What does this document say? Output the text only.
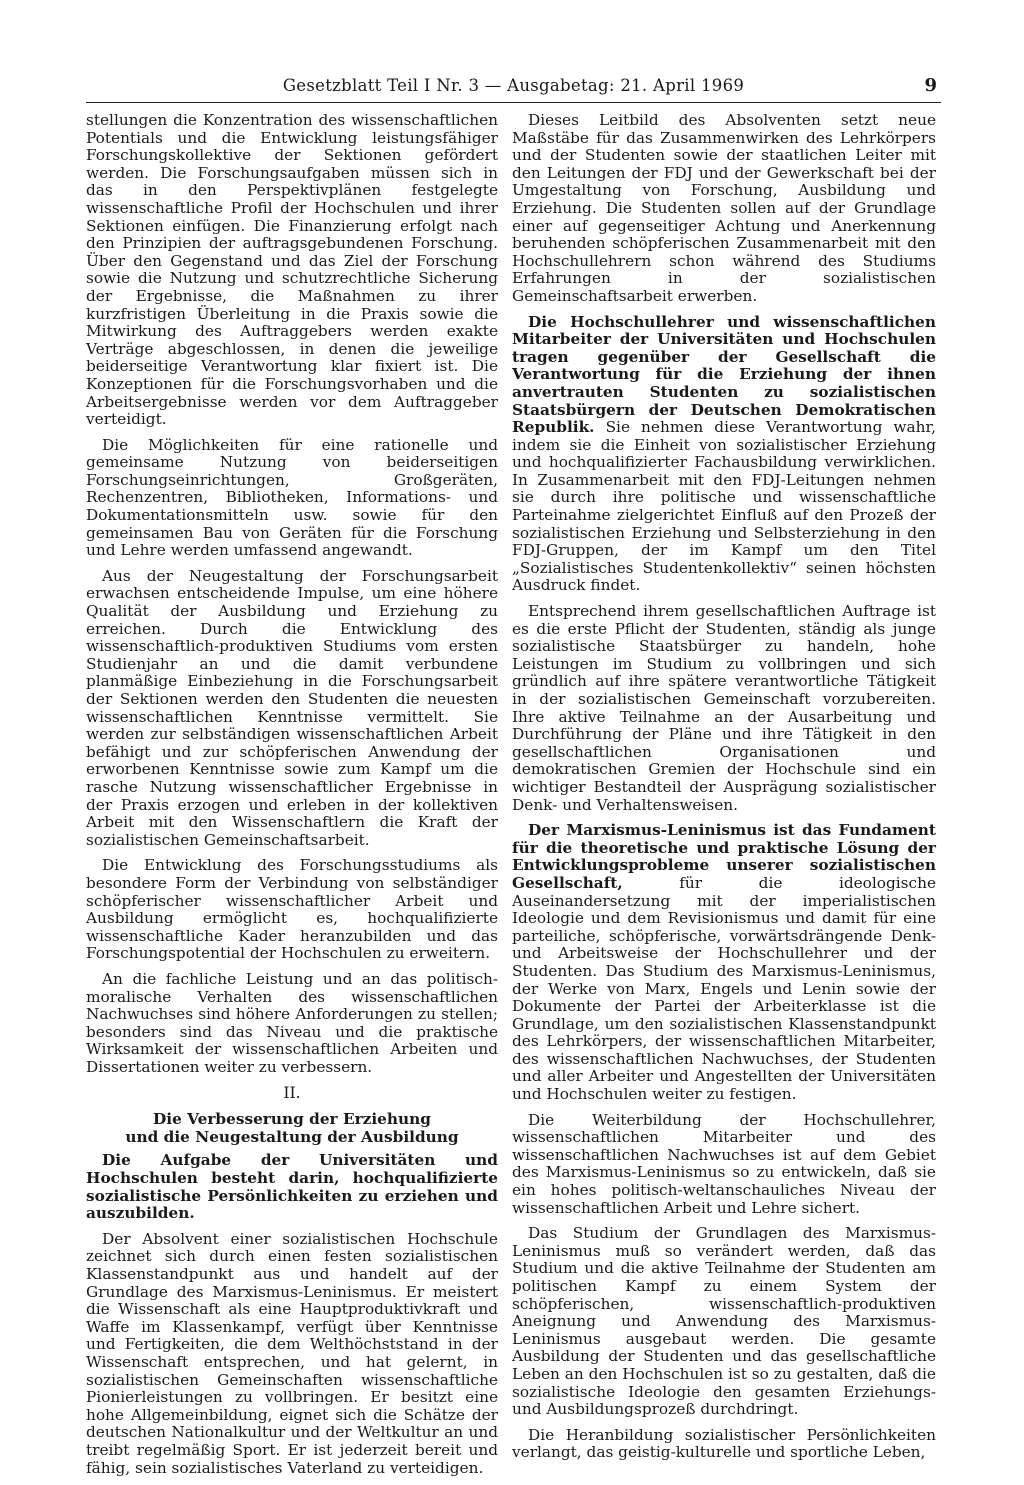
Gesetzblatt Teil I Nr. 3 — Ausgabetag: 21. April 1969	9

stellungen die Konzentration des wissenschaftlichen Potentials und die Entwicklung leistungsfähiger Forschungskollektive der Sektionen gefördert werden. Die Forschungsaufgaben müssen sich in das in den Perspektivplänen festgelegte wissenschaftliche Profil der Hochschulen und ihrer Sektionen einfügen. Die Finanzierung erfolgt nach den Prinzipien der auftragsgebundenen Forschung. Über den Gegenstand und das Ziel der Forschung sowie die Nutzung und schutzrechtliche Sicherung der Ergebnisse, die Maßnahmen zu ihrer kurzfristigen Überleitung in die Praxis sowie die Mitwirkung des Auftraggebers werden exakte Verträge abgeschlossen, in denen die jeweilige beiderseitige Verantwortung klar fixiert ist. Die Konzeptionen für die Forschungsvorhaben und die Arbeitsergebnisse werden vor dem Auftraggeber verteidigt.

Die Möglichkeiten für eine rationelle und gemeinsame Nutzung von beiderseitigen Forschungseinrichtungen, Großgeräten, Rechenzentren, Bibliotheken, Informations- und Dokumentationsmitteln usw. sowie für den gemeinsamen Bau von Geräten für die Forschung und Lehre werden umfassend angewandt.

Aus der Neugestaltung der Forschungsarbeit erwachsen entscheidende Impulse, um eine höhere Qualität der Ausbildung und Erziehung zu erreichen. Durch die Entwicklung des wissenschaftlich-produktiven Studiums vom ersten Studienjahr an und die damit verbundene planmäßige Einbeziehung in die Forschungsarbeit der Sektionen werden den Studenten die neuesten wissenschaftlichen Kenntnisse vermittelt. Sie werden zur selbständigen wissenschaftlichen Arbeit befähigt und zur schöpferischen Anwendung der erworbenen Kenntnisse sowie zum Kampf um die rasche Nutzung wissenschaftlicher Ergebnisse in der Praxis erzogen und erleben in der kollektiven Arbeit mit den Wissenschaftlern die Kraft der sozialistischen Gemeinschaftsarbeit.

Die Entwicklung des Forschungsstudiums als besondere Form der Verbindung von selbständiger schöpferischer wissenschaftlicher Arbeit und Ausbildung ermöglicht es, hochqualifizierte wissenschaftliche Kader heranzubilden und das Forschungspotential der Hochschulen zu erweitern.

An die fachliche Leistung und an das politisch-moralische Verhalten des wissenschaftlichen Nachwuchses sind höhere Anforderungen zu stellen; besonders sind das Niveau und die praktische Wirksamkeit der wissenschaftlichen Arbeiten und Dissertationen weiter zu verbessern.

II.
Die Verbesserung der Erziehung
und die Neugestaltung der Ausbildung

Die Aufgabe der Universitäten und Hochschulen besteht darin, hochqualifizierte sozialistische Persönlichkeiten zu erziehen und auszubilden.

Der Absolvent einer sozialistischen Hochschule zeichnet sich durch einen festen sozialistischen Klassenstandpunkt aus und handelt auf der Grundlage des Marxismus-Leninismus. Er meistert die Wissenschaft als eine Hauptproduktivkraft und Waffe im Klassenkampf, verfügt über Kenntnisse und Fertigkeiten, die dem Welthöchststand in der Wissenschaft entsprechen, und hat gelernt, in sozialistischen Gemeinschaften wissenschaftliche Pionierleistungen zu vollbringen. Er besitzt eine hohe Allgemeinbildung, eignet sich die Schätze der deutschen Nationalkultur und der Weltkultur an und treibt regelmäßig Sport. Er ist jederzeit bereit und fähig, sein sozialistisches Vaterland zu verteidigen.

Dieses Leitbild des Absolventen setzt neue Maßstäbe für das Zusammenwirken des Lehrkörpers und der Studenten sowie der staatlichen Leiter mit den Leitungen der FDJ und der Gewerkschaft bei der Umgestaltung von Forschung, Ausbildung und Erziehung. Die Studenten sollen auf der Grundlage einer auf gegenseitiger Achtung und Anerkennung beruhenden schöpferischen Zusammenarbeit mit den Hochschullehrern schon während des Studiums Erfahrungen in der sozialistischen Gemeinschaftsarbeit erwerben.

Die Hochschullehrer und wissenschaftlichen Mitarbeiter der Universitäten und Hochschulen tragen gegenüber der Gesellschaft die Verantwortung für die Erziehung der ihnen anvertrauten Studenten zu sozialistischen Staatsbürgern der Deutschen Demokratischen Republik. Sie nehmen diese Verantwortung wahr, indem sie die Einheit von sozialistischer Erziehung und hochqualifizierter Fachausbildung verwirklichen. In Zusammenarbeit mit den FDJ-Leitungen nehmen sie durch ihre politische und wissenschaftliche Parteinahme zielgerichtet Einfluß auf den Prozeß der sozialistischen Erziehung und Selbsterziehung in den FDJ-Gruppen, der im Kampf um den Titel „Sozialistisches Studentenkollektiv“ seinen höchsten Ausdruck findet.

Entsprechend ihrem gesellschaftlichen Auftrage ist es die erste Pflicht der Studenten, ständig als junge sozialistische Staatsbürger zu handeln, hohe Leistungen im Studium zu vollbringen und sich gründlich auf ihre spätere verantwortliche Tätigkeit in der sozialistischen Gemeinschaft vorzubereiten. Ihre aktive Teilnahme an der Ausarbeitung und Durchführung der Pläne und ihre Tätigkeit in den gesellschaftlichen Organisationen und demokratischen Gremien der Hochschule sind ein wichtiger Bestandteil der Ausprägung sozialistischer Denk- und Verhaltensweisen.

Der Marxismus-Leninismus ist das Fundament für die theoretische und praktische Lösung der Entwicklungsprobleme unserer sozialistischen Gesellschaft,	für die ideologische Auseinandersetzung mit der imperialistischen Ideologie und dem Revisionismus und damit für eine parteiliche, schöpferische, vorwärtsdrängende Denk- und Arbeitsweise der Hochschullehrer und der Studenten. Das Studium des Marxismus-Leninismus, der Werke von Marx, Engels und Lenin sowie der Dokumente der Partei der Arbeiterklasse ist die Grundlage, um den sozialistischen Klassenstandpunkt des Lehrkörpers, der wissenschaftlichen Mitarbeiter, des wissenschaftlichen Nachwuchses, der Studenten und aller Arbeiter und Angestellten der Universitäten und Hochschulen weiter zu festigen.

Die Weiterbildung der Hochschullehrer, wissenschaftlichen Mitarbeiter und des wissenschaftlichen Nachwuchses ist auf dem Gebiet des Marxismus-Leninismus so zu entwickeln, daß sie ein hohes politisch-weltanschauliches Niveau der wissenschaftlichen Arbeit und Lehre sichert.

Das Studium der Grundlagen des Marxismus-Leninismus muß so verändert werden, daß das Studium und die aktive Teilnahme der Studenten am politischen Kampf zu einem System der schöpferischen, wissenschaftlich-produktiven Aneignung und Anwendung des Marxismus-Leninismus ausgebaut werden. Die gesamte Ausbildung der Studenten und das gesellschaftliche Leben an den Hochschulen ist so zu gestalten, daß die sozialistische Ideologie den gesamten Erziehungs- und Ausbildungsprozeß durchdringt.

Die Heranbildung sozialistischer Persönlichkeiten verlangt, das geistig-kulturelle und sportliche Leben,
